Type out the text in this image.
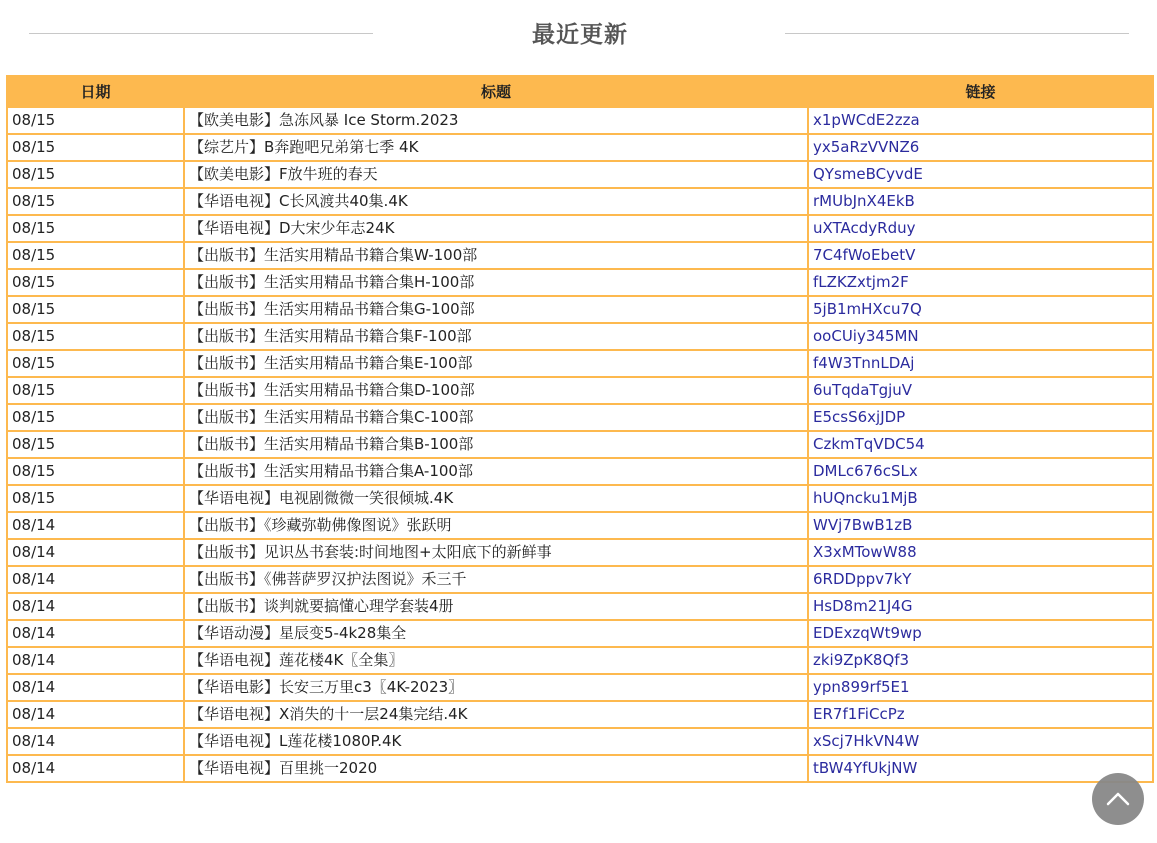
最近更新
日期	标题	链接
08/15	【欧美电影】急冻风暴 Ice Storm.2023	x1pWCdE2zza
08/15	【综艺片】B奔跑吧兄弟第七季 4K	yx5aRzVVNZ6
08/15	【欧美电影】F放牛班的春天	QYsmeBCyvdE
08/15	【华语电视】C长风渡共40集.4K	rMUbJnX4EkB
08/15	【华语电视】D大宋少年志24K	uXTAcdyRduy
08/15	【出版书】生活实用精品书籍合集W-100部	7C4fWoEbetV
08/15	【出版书】生活实用精品书籍合集H-100部	fLZKZxtjm2F
08/15	【出版书】生活实用精品书籍合集G-100部	5jB1mHXcu7Q
08/15	【出版书】生活实用精品书籍合集F-100部	ooCUiy345MN
08/15	【出版书】生活实用精品书籍合集E-100部	f4W3TnnLDAj
08/15	【出版书】生活实用精品书籍合集D-100部	6uTqdaTgjuV
08/15	【出版书】生活实用精品书籍合集C-100部	E5csS6xjJDP
08/15	【出版书】生活实用精品书籍合集B-100部	CzkmTqVDC54
08/15	【出版书】生活实用精品书籍合集A-100部	DMLc676cSLx
08/15	【华语电视】电视剧微微一笑很倾城.4K	hUQncku1MjB
08/14	【出版书】《珍藏弥勒佛像图说》张跃明	WVj7BwB1zB
08/14	【出版书】见识丛书套装:时间地图+太阳底下的新鲜事	X3xMTowW88
08/14	【出版书】《佛菩萨罗汉护法图说》禾三千	6RDDppv7kY
08/14	【出版书】谈判就要搞懂心理学套装4册	HsD8m21J4G
08/14	【华语动漫】星辰变5-4k28集全	EDExzqWt9wp
08/14	【华语电视】莲花楼4K〖全集〗	zki9ZpK8Qf3
08/14	【华语电影】长安三万里c3〖4K-2023〗	ypn899rf5E1
08/14	【华语电视】X消失的十一层24集完结.4K	ER7f1FiCcPz
08/14	【华语电视】L莲花楼1080P.4K	xScj7HkVN4W
08/14	【华语电视】百里挑一2020	tBW4YfUkjNW
